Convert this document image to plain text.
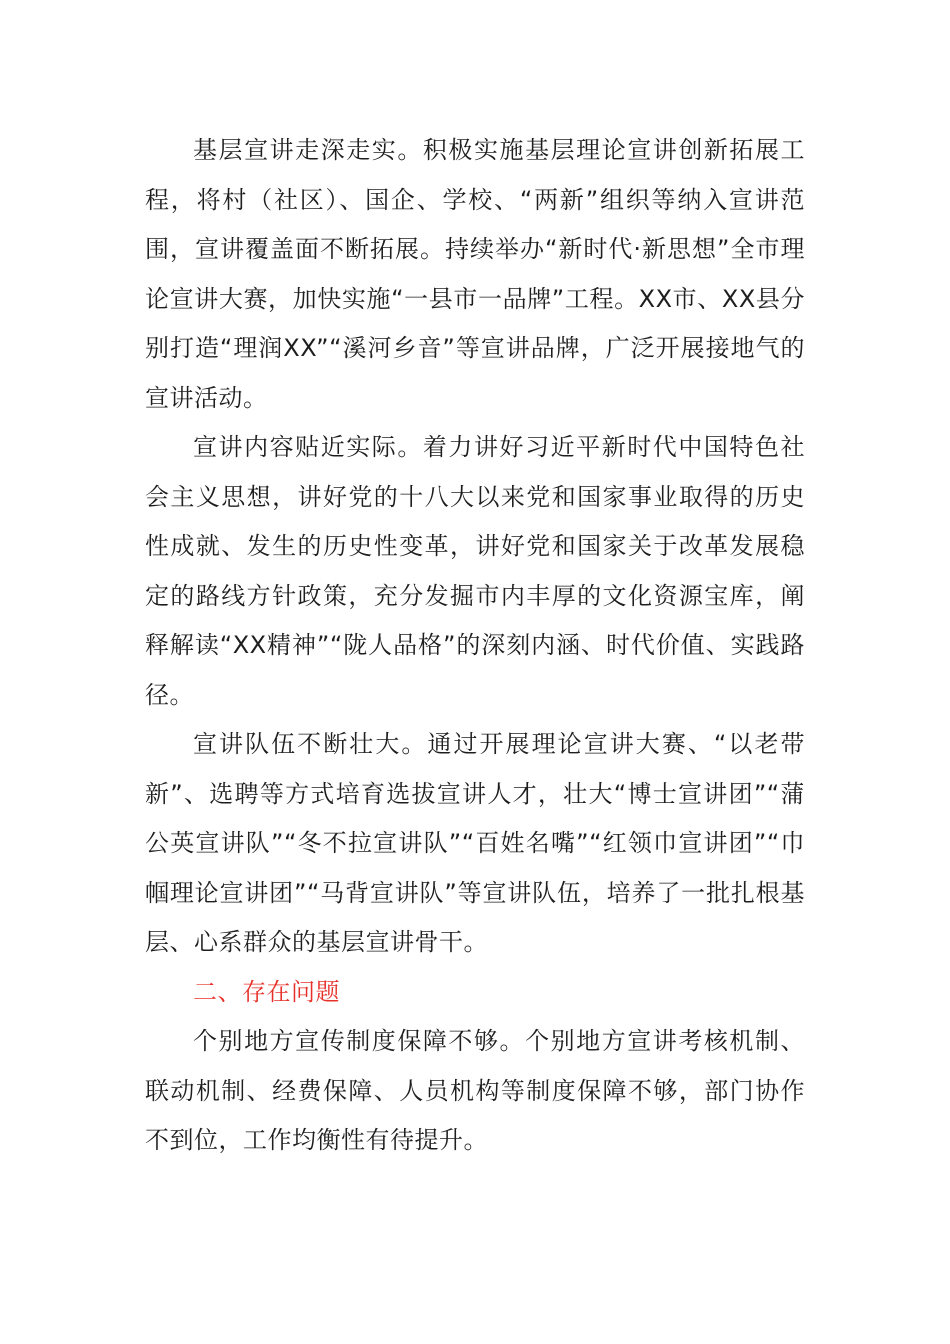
基层宣讲走深走实。积极实施基层理论宣讲创新拓展工程，将村（社区）、国企、学校、“两新”组织等纳入宣讲范围，宣讲覆盖面不断拓展。持续举办“新时代·新思想”全市理论宣讲大赛，加快实施“一县市一品牌”工程。XX市、XX县分别打造“理润XX”“溪河乡音”等宣讲品牌，广泛开展接地气的宣讲活动。

宣讲内容贴近实际。着力讲好习近平新时代中国特色社会主义思想，讲好党的十八大以来党和国家事业取得的历史性成就、发生的历史性变革，讲好党和国家关于改革发展稳定的路线方针政策，充分发掘市内丰厚的文化资源宝库，阐释解读“XX精神”“陇人品格”的深刻内涵、时代价值、实践路径。

宣讲队伍不断壮大。通过开展理论宣讲大赛、“以老带新”、选聘等方式培育选拔宣讲人才，壮大“博士宣讲团”“蒲公英宣讲队”“冬不拉宣讲队”“百姓名嘴”“红领巾宣讲团”“巾帼理论宣讲团”“马背宣讲队”等宣讲队伍，培养了一批扎根基层、心系群众的基层宣讲骨干。

二、存在问题

个别地方宣传制度保障不够。个别地方宣讲考核机制、联动机制、经费保障、人员机构等制度保障不够，部门协作不到位，工作均衡性有待提升。
